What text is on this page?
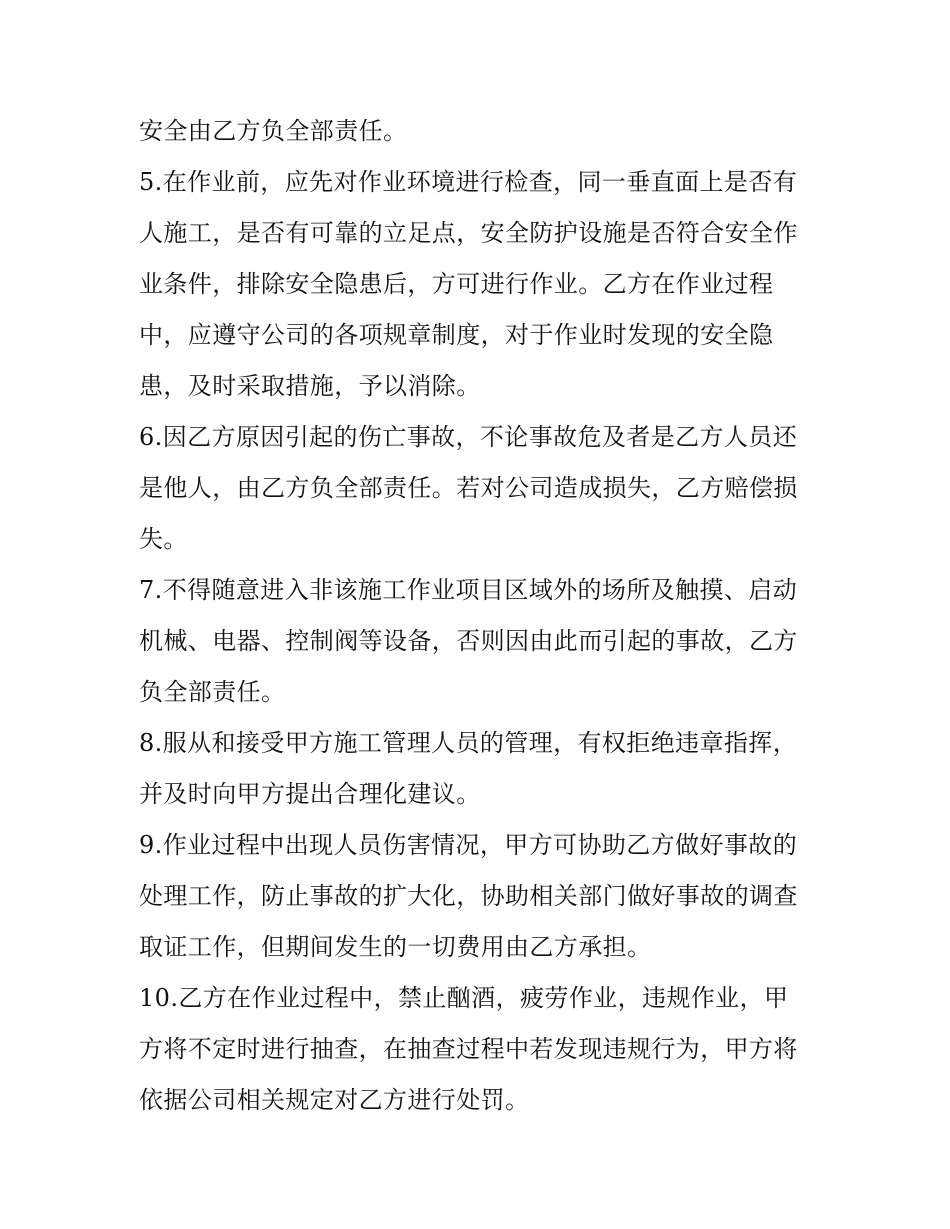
安全由乙方负全部责任。
5.在作业前，应先对作业环境进行检查，同一垂直面上是否有
人施工，是否有可靠的立足点，安全防护设施是否符合安全作
业条件，排除安全隐患后，方可进行作业。乙方在作业过程
中，应遵守公司的各项规章制度，对于作业时发现的安全隐
患，及时采取措施，予以消除。
6.因乙方原因引起的伤亡事故，不论事故危及者是乙方人员还
是他人，由乙方负全部责任。若对公司造成损失，乙方赔偿损
失。
7.不得随意进入非该施工作业项目区域外的场所及触摸、启动
机械、电器、控制阀等设备，否则因由此而引起的事故，乙方
负全部责任。
8.服从和接受甲方施工管理人员的管理，有权拒绝违章指挥，
并及时向甲方提出合理化建议。
9.作业过程中出现人员伤害情况，甲方可协助乙方做好事故的
处理工作，防止事故的扩大化，协助相关部门做好事故的调查
取证工作，但期间发生的一切费用由乙方承担。
10.乙方在作业过程中，禁止酗酒，疲劳作业，违规作业，甲
方将不定时进行抽查，在抽查过程中若发现违规行为，甲方将
依据公司相关规定对乙方进行处罚。
